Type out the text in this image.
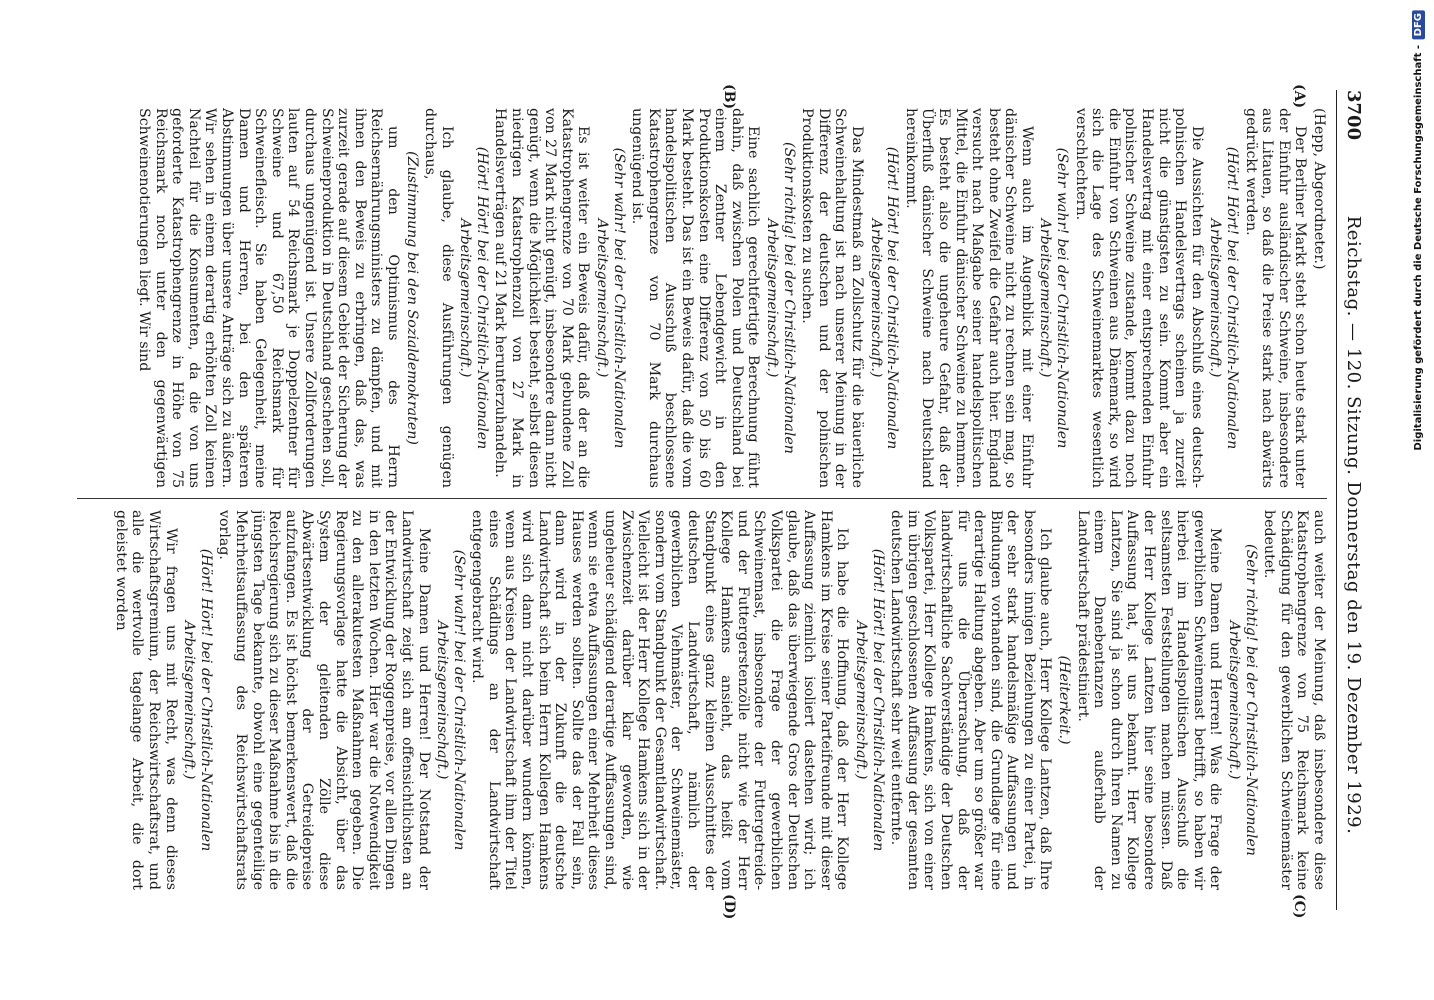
3700
Reichstag. — 120. Sitzung. Donnerstag den 19. Dezember 1929.
(A)
(B)
(C)
(D)

(Hepp, Abgeordneter.)

Der Berliner Markt steht schon heute stark unter der Einfuhr ausländischer Schweine, insbesondere aus Litauen, so daß die Preise stark nach abwärts gedrückt werden.

(Hört! Hört! bei der Christlich-Nationalen Arbeitsgemeinschaft.)

Die Aussichten für den Abschluß eines deutsch-polnischen Handelsvertrags scheinen ja zurzeit nicht die günstigsten zu sein. Kommt aber ein Handelsvertrag mit einer entsprechenden Einfuhr polnischer Schweine zustande, kommt dazu noch die Einfuhr von Schweinen aus Dänemark, so wird sich die Lage des Schweinemarktes wesentlich verschlechtern.

(Sehr wahr! bei der Christlich-Nationalen Arbeitsgemeinschaft.)

Wenn auch im Augenblick mit einer Einfuhr dänischer Schweine nicht zu rechnen sein mag, so besteht ohne Zweifel die Gefahr auch hier. England versucht nach Maßgabe seiner handelspolitischen Mittel, die Einfuhr dänischer Schweine zu hemmen. Es besteht also die ungeheure Gefahr, daß der Überfluß dänischer Schweine nach Deutschland hereinkommt.

(Hört! Hört! bei der Christlich-Nationalen Arbeitsgemeinschaft.)

Das Mindestmaß an Zollschutz für die bäuerliche Schweinehaltung ist nach unserer Meinung in der Differenz der deutschen und der polnischen Produktionskosten zu suchen.

(Sehr richtig! bei der Christlich-Nationalen Arbeitsgemeinschaft.)

Eine sachlich gerechtfertigte Berechnung führt dahin, daß zwischen Polen und Deutschland bei einem Zentner Lebendgewicht in den Produktionskosten eine Differenz von 50 bis 60 Mark besteht. Das ist ein Beweis dafür, daß die vom handelspolitischen Ausschuß beschlossene Katastrophengrenze von 70 Mark durchaus ungenügend ist.

(Sehr wahr! bei der Christlich-Nationalen Arbeitsgemeinschaft.)

Es ist weiter ein Beweis dafür, daß der an die Katastrophengrenze von 70 Mark gebundene Zoll von 27 Mark nicht genügt, insbesondere dann nicht genügt, wenn die Möglichkeit besteht, selbst diesen niedrigen Katastrophenzoll von 27 Mark in Handelsverträgen auf 21 Mark herunterzuhandeln.

(Hört! Hört! bei der Christlich-Nationalen Arbeitsgemeinschaft.)

Ich glaube, diese Ausführungen genügen durchaus,

(Zustimmung bei den Sozialdemokraten)

um den Optimismus des Herrn Reichsernährungsministers zu dämpfen, und mit ihnen den Beweis zu erbringen, daß das, was zurzeit gerade auf diesem Gebiet der Sicherung der Schweineproduktion in Deutschland geschehen soll, durchaus ungenügend ist. Unsere Zollforderungen lauten auf 54 Reichsmark je Doppelzentner für Schweine und 67,50 Reichsmark für Schweinefleisch. Sie haben Gelegenheit, meine Damen und Herren, bei den späteren Abstimmungen über unsere Anträge sich zu äußern. Wir sehen in einem derartig erhöhten Zoll keinen Nachteil für die Konsumenten, da die von uns geforderte Katastrophengrenze in Höhe von 75 Reichsmark noch unter den gegenwärtigen Schweinenotierungen liegt. Wir sind

auch weiter der Meinung, daß insbesondere diese Katastrophengrenze von 75 Reichsmark keine Schädigung für den gewerblichen Schweinemäster bedeutet.

(Sehr richtig! bei der Christlich-Nationalen Arbeitsgemeinschaft.)

Meine Damen und Herren! Was die Frage der gewerblichen Schweinemast betrifft, so haben wir hierbei im Handelspolitischen Ausschuß die seltsamsten Feststellungen machen müssen. Daß der Herr Kollege Lantzen hier seine besondere Auffassung hat, ist uns bekannt. Herr Kollege Lantzen, Sie sind ja schon durch Ihren Namen zu einem Danebentanzen außerhalb der Landwirtschaft prädestiniert.

(Heiterkeit.)

Ich glaube auch, Herr Kollege Lantzen, daß Ihre besonders innigen Beziehungen zu einer Partei, in der sehr stark handelsmäßige Auffassungen und Bindungen vorhanden sind, die Grundlage für eine derartige Haltung abgeben. Aber um so größer war für uns die Überraschung, daß der landwirtschaftliche Sachverständige der Deutschen Volkspartei, Herr Kollege Hamkens, sich von einer im übrigen geschlossenen Auffassung der gesamten deutschen Landwirtschaft sehr weit entfernte.

(Hört! Hört! bei der Christlich-Nationalen Arbeitsgemeinschaft.)

Ich habe die Hoffnung, daß der Herr Kollege Hamkens im Kreise seiner Parteifreunde mit dieser Auffassung ziemlich isoliert dastehen wird; ich glaube, daß das überwiegende Gros der Deutschen Volkspartei die Frage der gewerblichen Schweinemast, insbesondere der Futtergetreide- und der Futtergerstenzölle nicht wie der Herr Kollege Hamkens ansieht, das heißt vom Standpunkt eines ganz kleinen Ausschnittes der deutschen Landwirtschaft, nämlich der gewerblichen Viehmäster, der Schweinemäster, sondern vom Standpunkt der Gesamtlandwirtschaft. Vielleicht ist der Herr Kollege Hamkens sich in der Zwischenzeit darüber klar geworden, wie ungeheuer schädigend derartige Auffassungen sind, wenn sie etwa Auffassungen einer Mehrheit dieses Hauses werden sollten. Sollte das der Fall sein, dann wird in der Zukunft die deutsche Landwirtschaft sich beim Herrn Kollegen Hamkens wird sich dann nicht darüber wundern können, wenn aus Kreisen der Landwirtschaft ihm der Titel eines Schädlings an der Landwirtschaft entgegengebracht wird.

(Sehr wahr! bei der Christlich-Nationalen Arbeitsgemeinschaft.)

Meine Damen und Herren! Der Notstand der Landwirtschaft zeigt sich am offensichtlichsten an der Entwicklung der Roggenpreise, vor allen Dingen in den letzten Wochen. Hier war die Notwendigkeit zu den allerakutesten Maßnahmen gegeben. Die Regierungsvorlage hatte die Absicht, über das System der gleitenden Zölle diese Abwärtsentwicklung der Getreidepreise aufzufangen. Es ist höchst bemerkenswert, daß die Reichsregierung sich zu dieser Maßnahme bis in die jüngsten Tage bekannte, obwohl eine gegenteilige Mehrheitsauffassung des Reichswirtschaftsrats vorlag.

(Hört! Hört! bei der Christlich-Nationalen Arbeitsgemeinschaft.)

Wir fragen uns mit Recht, was denn dieses Wirtschaftsgremium, der Reichswirtschaftsrat, und alle die wertvolle tagelange Arbeit, die dort geleistet worden

DFG
Digitalisierung gefördert durch die Deutsche Forschungsgemeinschaft -
